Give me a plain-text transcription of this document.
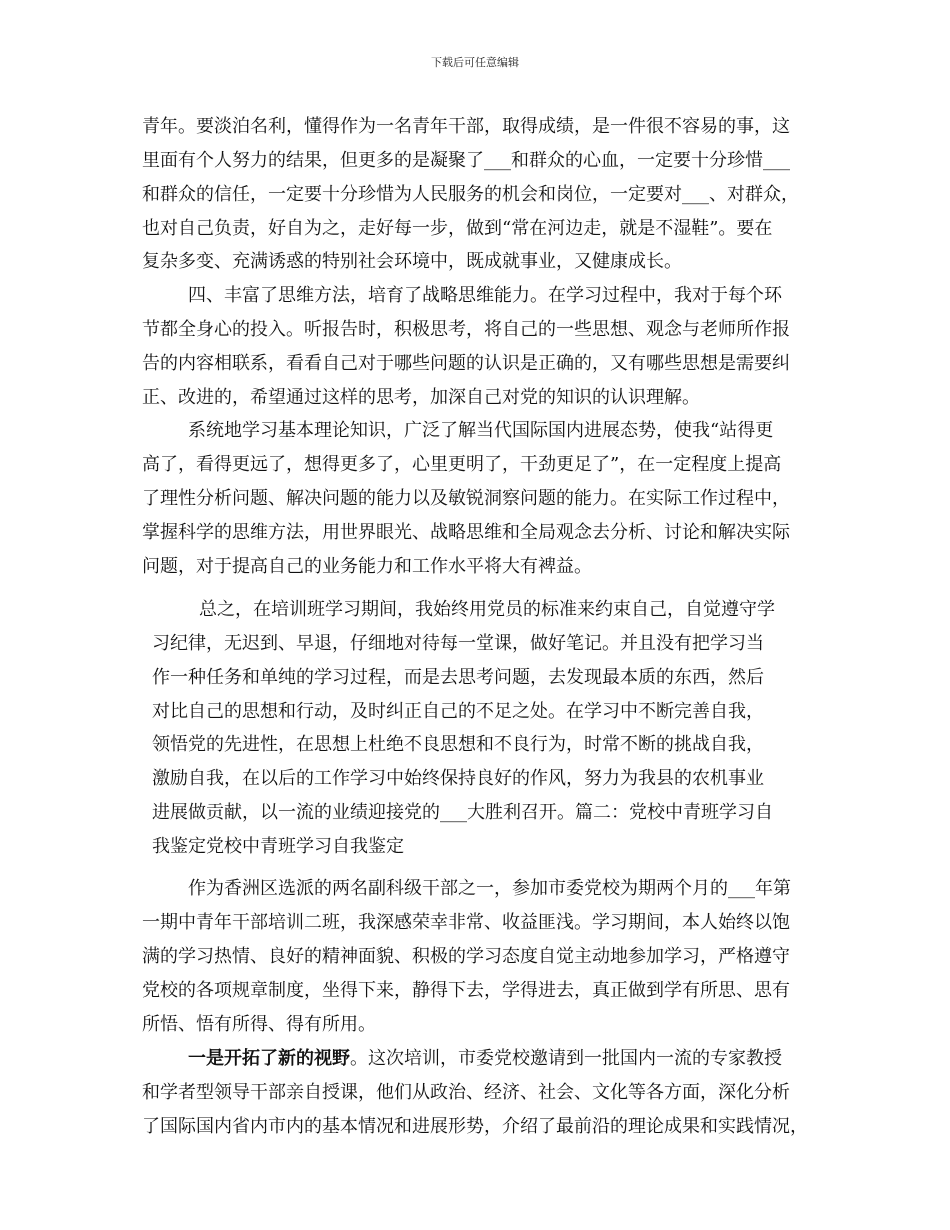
下载后可任意编辑
青年。要淡泊名利，懂得作为一名青年干部，取得成绩，是一件很不容易的事，这
里面有个人努力的结果，但更多的是凝聚了___和群众的心血，一定要十分珍惜___
和群众的信任，一定要十分珍惜为人民服务的机会和岗位，一定要对___、对群众，
也对自己负责，好自为之，走好每一步，做到“常在河边走，就是不湿鞋”。要在
复杂多变、充满诱惑的特别社会环境中，既成就事业，又健康成长。
四、丰富了思维方法，培育了战略思维能力。在学习过程中，我对于每个环
节都全身心的投入。听报告时，积极思考，将自己的一些思想、观念与老师所作报
告的内容相联系，看看自己对于哪些问题的认识是正确的，又有哪些思想是需要纠
正、改进的，希望通过这样的思考，加深自己对党的知识的认识理解。
系统地学习基本理论知识，广泛了解当代国际国内进展态势，使我“站得更
高了，看得更远了，想得更多了，心里更明了，干劲更足了”，在一定程度上提高
了理性分析问题、解决问题的能力以及敏锐洞察问题的能力。在实际工作过程中，
掌握科学的思维方法，用世界眼光、战略思维和全局观念去分析、讨论和解决实际
问题，对于提高自己的业务能力和工作水平将大有裨益。
总之，在培训班学习期间，我始终用党员的标准来约束自己，自觉遵守学
习纪律，无迟到、早退，仔细地对待每一堂课，做好笔记。并且没有把学习当
作一种任务和单纯的学习过程，而是去思考问题，去发现最本质的东西，然后
对比自己的思想和行动，及时纠正自己的不足之处。在学习中不断完善自我，
领悟党的先进性，在思想上杜绝不良思想和不良行为，时常不断的挑战自我，
激励自我，在以后的工作学习中始终保持良好的作风，努力为我县的农机事业
进展做贡献，以一流的业绩迎接党的___大胜利召开。篇二：党校中青班学习自
我鉴定党校中青班学习自我鉴定
作为香洲区选派的两名副科级干部之一，参加市委党校为期两个月的___年第
一期中青年干部培训二班，我深感荣幸非常、收益匪浅。学习期间，本人始终以饱
满的学习热情、良好的精神面貌、积极的学习态度自觉主动地参加学习，严格遵守
党校的各项规章制度，坐得下来，静得下去，学得进去，真正做到学有所思、思有
所悟、悟有所得、得有所用。
一是开拓了新的视野。这次培训，市委党校邀请到一批国内一流的专家教授
和学者型领导干部亲自授课，他们从政治、经济、社会、文化等各方面，深化分析
了国际国内省内市内的基本情况和进展形势，介绍了最前沿的理论成果和实践情况，
